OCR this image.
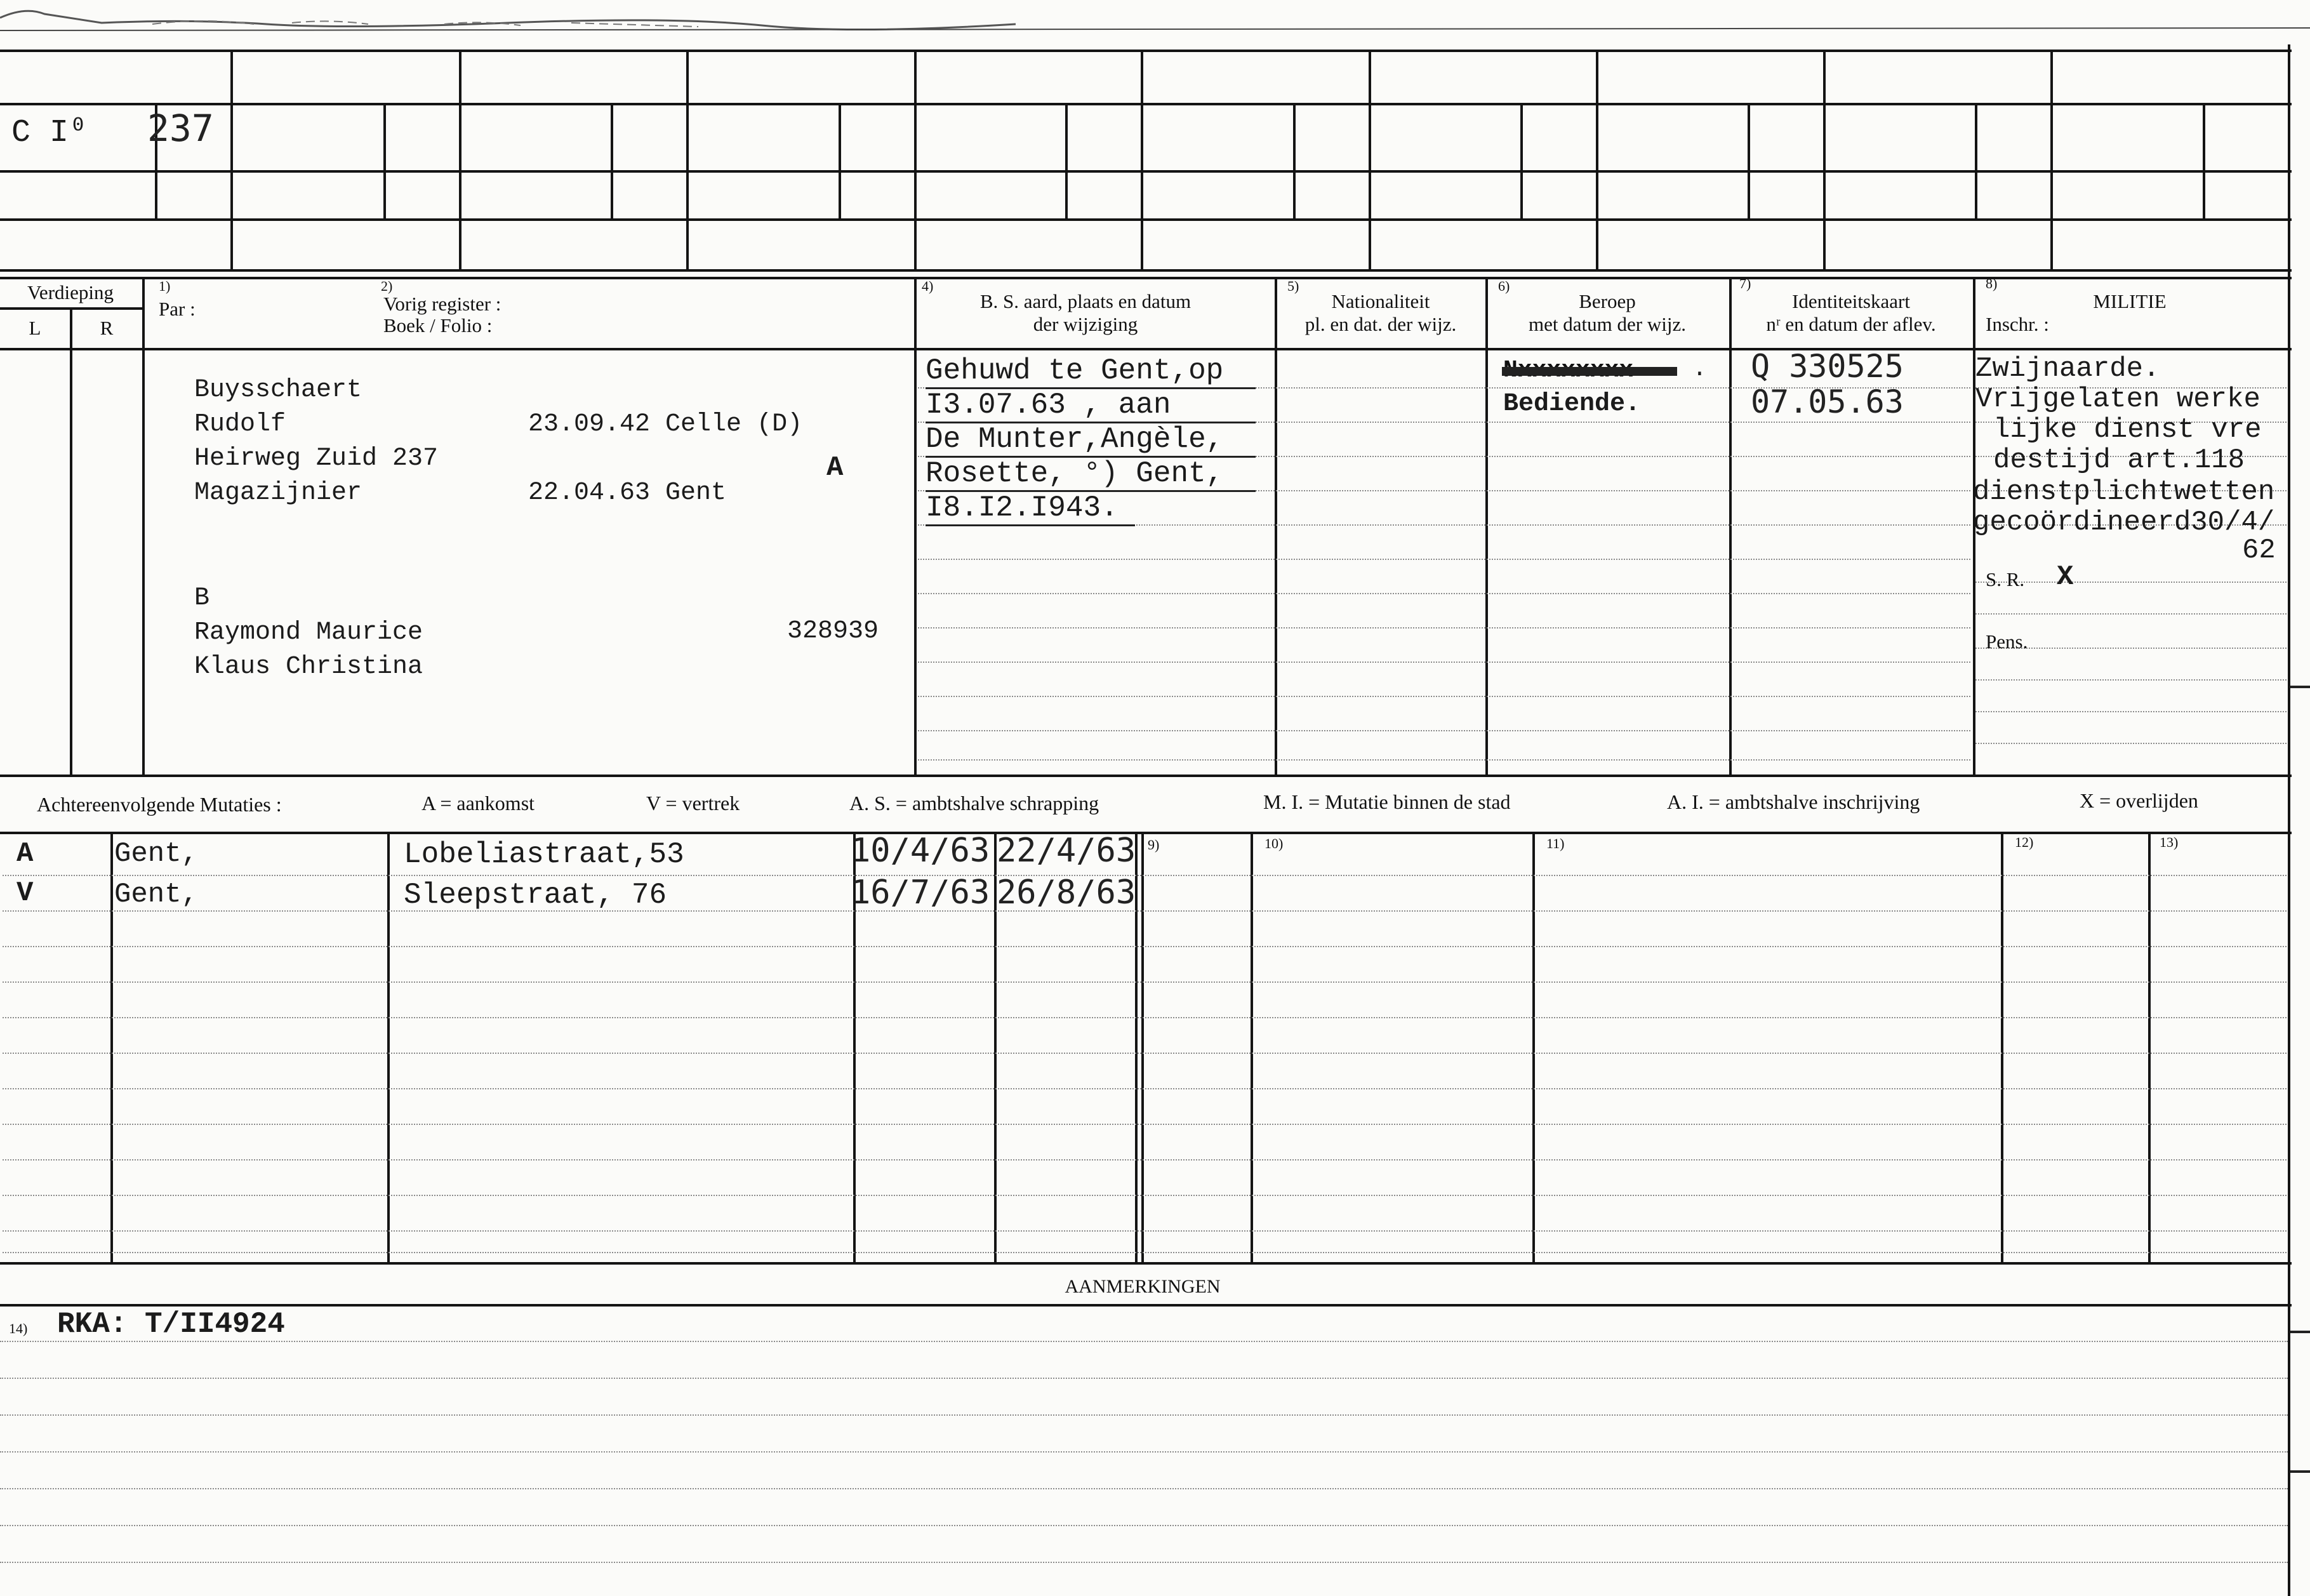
C I⁰ 237
Verdieping
L	R
1)
Par :
2)
Vorig register :
Boek / Folio :
4)
B. S. aard, plaats en datum
der wijziging
5)
Nationaliteit
pl. en dat. der wijz.
6)
Beroep
met datum der wijz.
7)
Identiteitskaart
nʳ en datum der aflev.
8)
MILITIE
Inschr. :
Buysschaert
Rudolf
Heirweg Zuid 237
Magazijnier
23.09.42 Celle (D)
22.04.63 Gent
A
B
Raymond Maurice
Klaus Christina
328939
Gehuwd te Gent,op
I3.07.63 , aan
De Munter,Angèle,
Rosette, °) Gent,
I8.I2.I943.
.
Bediende.
Q 330525
07.05.63
Zwijnaarde.
Vrijgelaten werke
lijke dienst vre
destijd art.118
dienstplichtwetten
gecoördineerd30/4/
62
S. R. X
Pens.
Achtereenvolgende Mutaties :	A = aankomst	V = vertrek	A. S. = ambtshalve schrapping	M. I. = Mutatie binnen de stad	A. I. = ambtshalve inschrijving	X = overlijden
9)	10)	11)	12)	13)
A	Gent,	Lobeliastraat,53	10/4/63 22/4/63
V	Gent,	Sleepstraat, 76	16/7/63 26/8/63
AANMERKINGEN
14) RKA: T/II4924
